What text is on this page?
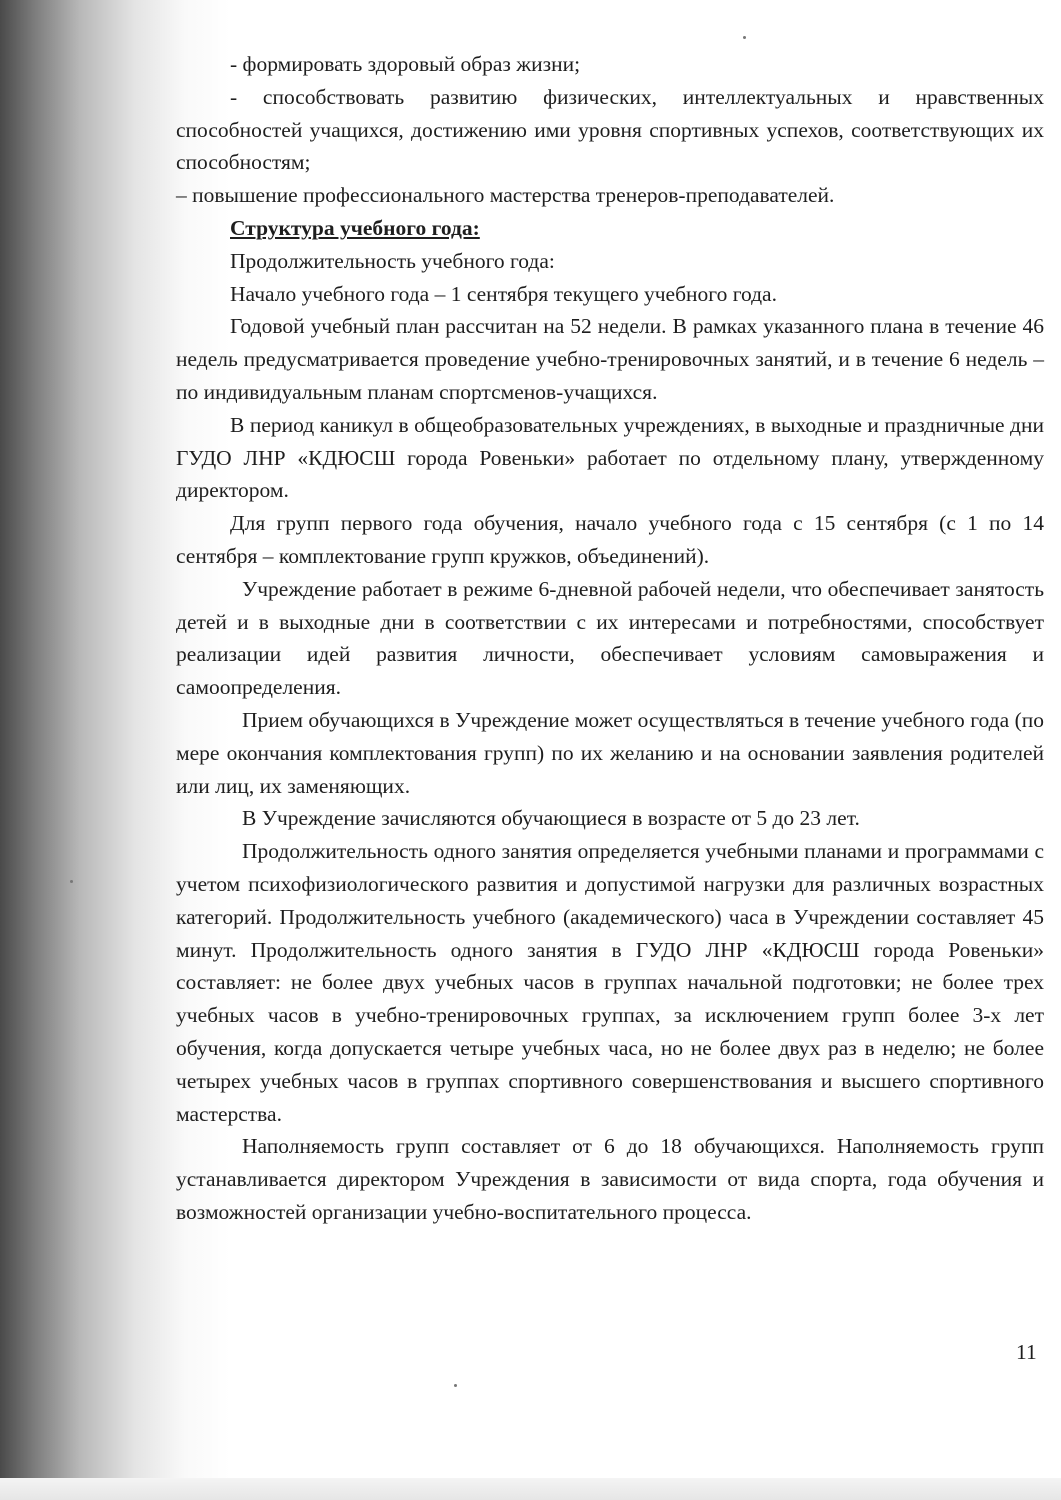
- формировать здоровый образ жизни;

- способствовать развитию физических, интеллектуальных и нравственных способностей учащихся, достижению ими уровня спортивных успехов, соответствующих их способностям;

– повышение профессионального мастерства тренеров-преподавателей.

Структура учебного года:

Продолжительность учебного года:

Начало учебного года – 1 сентября текущего учебного года.

Годовой учебный план рассчитан на 52 недели. В рамках указанного плана в течение 46 недель предусматривается проведение учебно-тренировочных занятий, и в течение 6 недель – по индивидуальным планам спортсменов-учащихся.

В период каникул в общеобразовательных учреждениях, в выходные и праздничные дни ГУДО ЛНР «КДЮСШ города Ровеньки» работает по отдельному плану, утвержденному директором.

Для групп первого года обучения, начало учебного года с 15 сентября (с 1 по 14 сентября – комплектование групп кружков, объединений).

Учреждение работает в режиме 6-дневной рабочей недели, что обеспечивает занятость детей и в выходные дни в соответствии с их интересами и потребностями, способствует реализации идей развития личности, обеспечивает условиям самовыражения и самоопределения.

Прием обучающихся в Учреждение может осуществляться в течение учебного года (по мере окончания комплектования групп) по их желанию и на основании заявления родителей или лиц, их заменяющих.

В Учреждение зачисляются обучающиеся в возрасте от 5 до 23 лет.

Продолжительность одного занятия определяется учебными планами и программами с учетом психофизиологического развития и допустимой нагрузки для различных возрастных категорий. Продолжительность учебного (академического) часа в Учреждении составляет 45 минут. Продолжительность одного занятия в ГУДО ЛНР «КДЮСШ города Ровеньки» составляет: не более двух учебных часов в группах начальной подготовки; не более трех учебных часов в учебно-тренировочных группах, за исключением групп более 3-х лет обучения, когда допускается четыре учебных часа, но не более двух раз в неделю; не более четырех учебных часов в группах спортивного совершенствования и высшего спортивного мастерства.

Наполняемость групп составляет от 6 до 18 обучающихся. Наполняемость групп устанавливается директором Учреждения в зависимости от вида спорта, года обучения и возможностей организации учебно-воспитательного процесса.

11
